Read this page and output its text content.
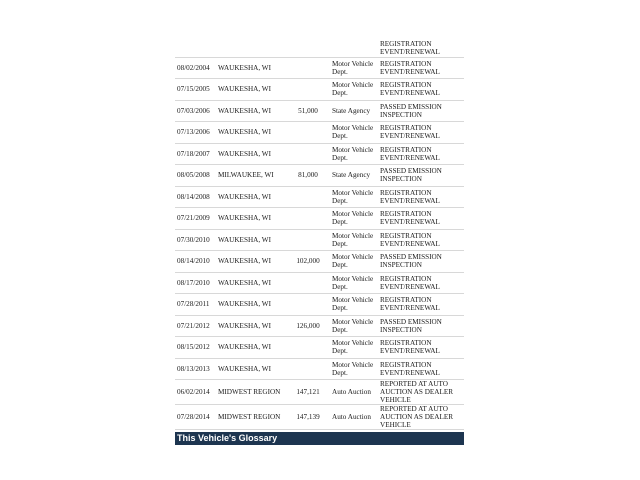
				REGISTRATION EVENT/RENEWAL
08/02/2004	WAUKESHA, WI		Motor Vehicle Dept.	REGISTRATION EVENT/RENEWAL
07/15/2005	WAUKESHA, WI		Motor Vehicle Dept.	REGISTRATION EVENT/RENEWAL
07/03/2006	WAUKESHA, WI	51,000	State Agency	PASSED EMISSION INSPECTION
07/13/2006	WAUKESHA, WI		Motor Vehicle Dept.	REGISTRATION EVENT/RENEWAL
07/18/2007	WAUKESHA, WI		Motor Vehicle Dept.	REGISTRATION EVENT/RENEWAL
08/05/2008	MILWAUKEE, WI	81,000	State Agency	PASSED EMISSION INSPECTION
08/14/2008	WAUKESHA, WI		Motor Vehicle Dept.	REGISTRATION EVENT/RENEWAL
07/21/2009	WAUKESHA, WI		Motor Vehicle Dept.	REGISTRATION EVENT/RENEWAL
07/30/2010	WAUKESHA, WI		Motor Vehicle Dept.	REGISTRATION EVENT/RENEWAL
08/14/2010	WAUKESHA, WI	102,000	Motor Vehicle Dept.	PASSED EMISSION INSPECTION
08/17/2010	WAUKESHA, WI		Motor Vehicle Dept.	REGISTRATION EVENT/RENEWAL
07/28/2011	WAUKESHA, WI		Motor Vehicle Dept.	REGISTRATION EVENT/RENEWAL
07/21/2012	WAUKESHA, WI	126,000	Motor Vehicle Dept.	PASSED EMISSION INSPECTION
08/15/2012	WAUKESHA, WI		Motor Vehicle Dept.	REGISTRATION EVENT/RENEWAL
08/13/2013	WAUKESHA, WI		Motor Vehicle Dept.	REGISTRATION EVENT/RENEWAL
06/02/2014	MIDWEST REGION	147,121	Auto Auction	REPORTED AT AUTO AUCTION AS DEALER VEHICLE
07/28/2014	MIDWEST REGION	147,139	Auto Auction	REPORTED AT AUTO AUCTION AS DEALER VEHICLE
This Vehicle's Glossary
